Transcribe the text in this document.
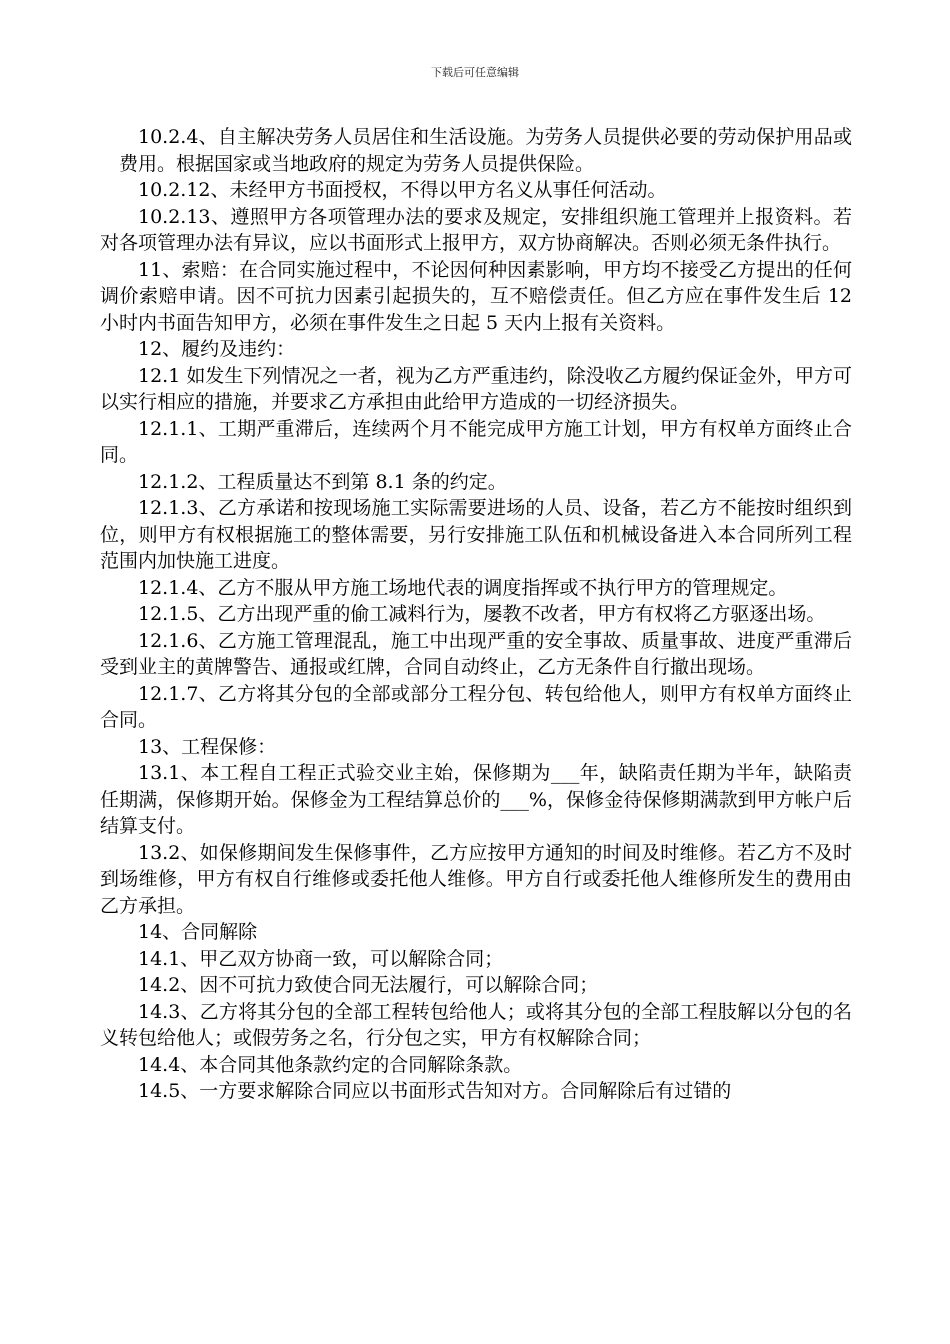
下载后可任意编辑

10.2.4、自主解决劳务人员居住和生活设施。为劳务人员提供必要的劳动保护用品或费用。根据国家或当地政府的规定为劳务人员提供保险。

10.2.12、未经甲方书面授权，不得以甲方名义从事任何活动。

10.2.13、遵照甲方各项管理办法的要求及规定，安排组织施工管理并上报资料。若对各项管理办法有异议，应以书面形式上报甲方，双方协商解决。否则必须无条件执行。

11、索赔：在合同实施过程中，不论因何种因素影响，甲方均不接受乙方提出的任何调价索赔申请。因不可抗力因素引起损失的，互不赔偿责任。但乙方应在事件发生后 12 小时内书面告知甲方，必须在事件发生之日起 5 天内上报有关资料。

12、履约及违约：

12.1 如发生下列情况之一者，视为乙方严重违约，除没收乙方履约保证金外，甲方可以实行相应的措施，并要求乙方承担由此给甲方造成的一切经济损失。

12.1.1、工期严重滞后，连续两个月不能完成甲方施工计划，甲方有权单方面终止合同。

12.1.2、工程质量达不到第 8.1 条的约定。

12.1.3、乙方承诺和按现场施工实际需要进场的人员、设备，若乙方不能按时组织到位，则甲方有权根据施工的整体需要，另行安排施工队伍和机械设备进入本合同所列工程范围内加快施工进度。

12.1.4、乙方不服从甲方施工场地代表的调度指挥或不执行甲方的管理规定。

12.1.5、乙方出现严重的偷工减料行为，屡教不改者，甲方有权将乙方驱逐出场。

12.1.6、乙方施工管理混乱，施工中出现严重的安全事故、质量事故、进度严重滞后受到业主的黄牌警告、通报或红牌，合同自动终止，乙方无条件自行撤出现场。

12.1.7、乙方将其分包的全部或部分工程分包、转包给他人，则甲方有权单方面终止合同。

13、工程保修：

13.1、本工程自工程正式验交业主始，保修期为___年，缺陷责任期为半年，缺陷责任期满，保修期开始。保修金为工程结算总价的___%，保修金待保修期满款到甲方帐户后结算支付。

13.2、如保修期间发生保修事件，乙方应按甲方通知的时间及时维修。若乙方不及时到场维修，甲方有权自行维修或委托他人维修。甲方自行或委托他人维修所发生的费用由乙方承担。

14、合同解除

14.1、甲乙双方协商一致，可以解除合同；

14.2、因不可抗力致使合同无法履行，可以解除合同；

14.3、乙方将其分包的全部工程转包给他人；或将其分包的全部工程肢解以分包的名义转包给他人；或假劳务之名，行分包之实，甲方有权解除合同；

14.4、本合同其他条款约定的合同解除条款。

14.5、一方要求解除合同应以书面形式告知对方。合同解除后有过错的
